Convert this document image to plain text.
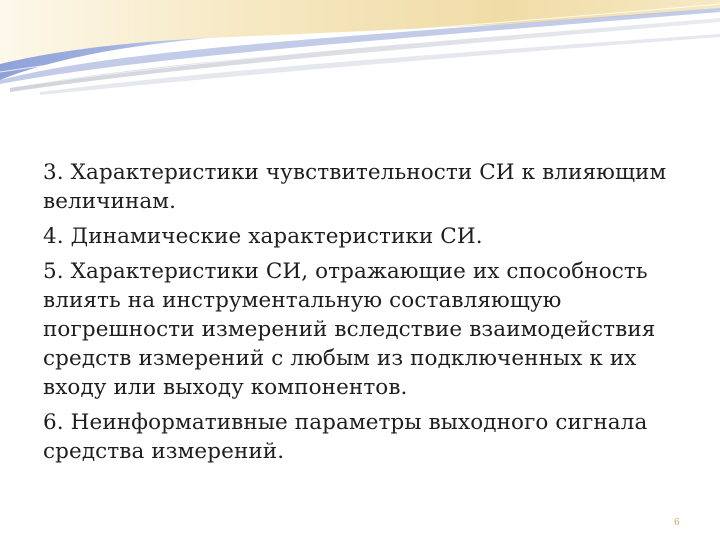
3. Характеристики чувствительности СИ к влияющим величинам.

4. Динамические характеристики СИ.

5. Характеристики СИ, отражающие их способность влиять на инструментальную составляющую погрешности измерений вследствие взаимодействия средств измерений с любым из подключенных к их входу или выходу компонентов.

6. Неинформативные параметры выходного сигнала средства измерений.

6
